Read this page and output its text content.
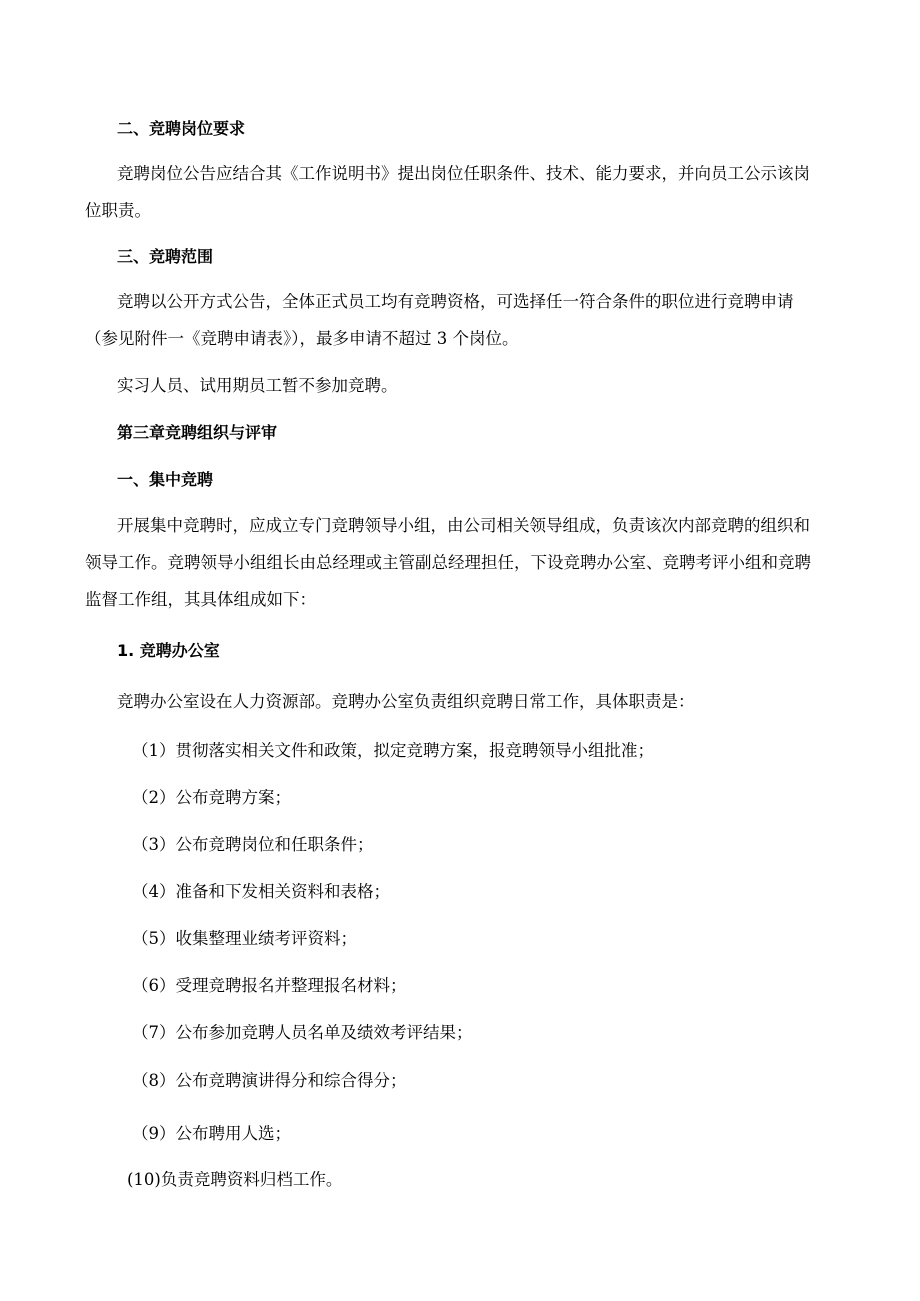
二、竞聘岗位要求
竞聘岗位公告应结合其《工作说明书》提出岗位任职条件、技术、能力要求，并向员工公示该岗
位职责。
三、竞聘范围
竞聘以公开方式公告，全体正式员工均有竞聘资格，可选择任一符合条件的职位进行竞聘申请
（参见附件一《竞聘申请表》），最多申请不超过 3 个岗位。
实习人员、试用期员工暂不参加竞聘。
第三章竞聘组织与评审
一、集中竞聘
开展集中竞聘时，应成立专门竞聘领导小组，由公司相关领导组成，负责该次内部竞聘的组织和
领导工作。竞聘领导小组组长由总经理或主管副总经理担任，下设竞聘办公室、竞聘考评小组和竞聘
监督工作组，其具体组成如下：
1. 竞聘办公室
竞聘办公室设在人力资源部。竞聘办公室负责组织竞聘日常工作，具体职责是：
（1）贯彻落实相关文件和政策，拟定竞聘方案，报竞聘领导小组批准；
（2）公布竞聘方案；
（3）公布竞聘岗位和任职条件；
（4）准备和下发相关资料和表格；
（5）收集整理业绩考评资料；
（6）受理竞聘报名并整理报名材料；
（7）公布参加竞聘人员名单及绩效考评结果；
（8）公布竞聘演讲得分和综合得分；
（9）公布聘用人选；
(10)负责竞聘资料归档工作。
